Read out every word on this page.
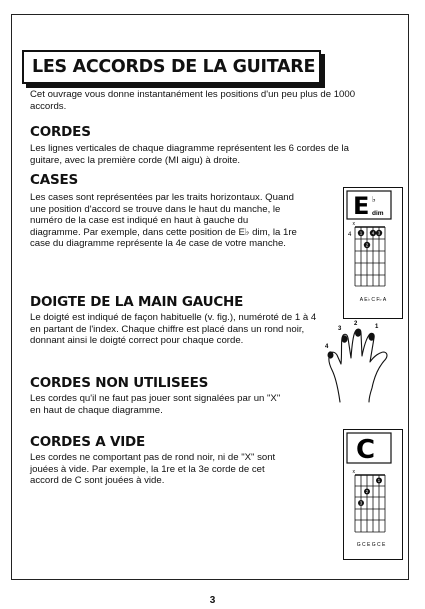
LES ACCORDS DE LA GUITARE
Cet ouvrage vous donne instantanément les positions d'un peu plus de 1000 accords.
CORDES
Les lignes verticales de chaque diagramme représentent les 6 cordes de la guitare, avec la première corde (MI aigu) à droite.
CASES
Les cases sont représentées par les traits horizontaux. Quand une position d'accord se trouve dans le haut du manche, le numéro de la case est indiqué en haut à gauche du diagramme. Par exemple, dans cette position de E♭ dim, la 1re case du diagramme représente la 4e case de votre manche.
DOIGTE DE LA MAIN GAUCHE
Le doigté est indiqué de façon habituelle (v. fig.), numéroté de 1 à 4 en partant de l'index. Chaque chiffre est placé dans un rond noir, donnant ainsi le doigté correct pour chaque corde.
CORDES NON UTILISEES
Les cordes qu'il ne faut pas jouer sont signalées par un "X" en haut de chaque diagramme.
CORDES A VIDE
Les cordes ne comportant pas de rond noir, ni de "X" sont jouées à vide. Par exemple, la 1re et la 3e corde de cet accord de C sont jouées à vide.
E ♭
dim
4
x
1 4 3
2
A E♭ C F♭ A
4
3
2	1
C
x
1
2
3
G C E G C E
3
